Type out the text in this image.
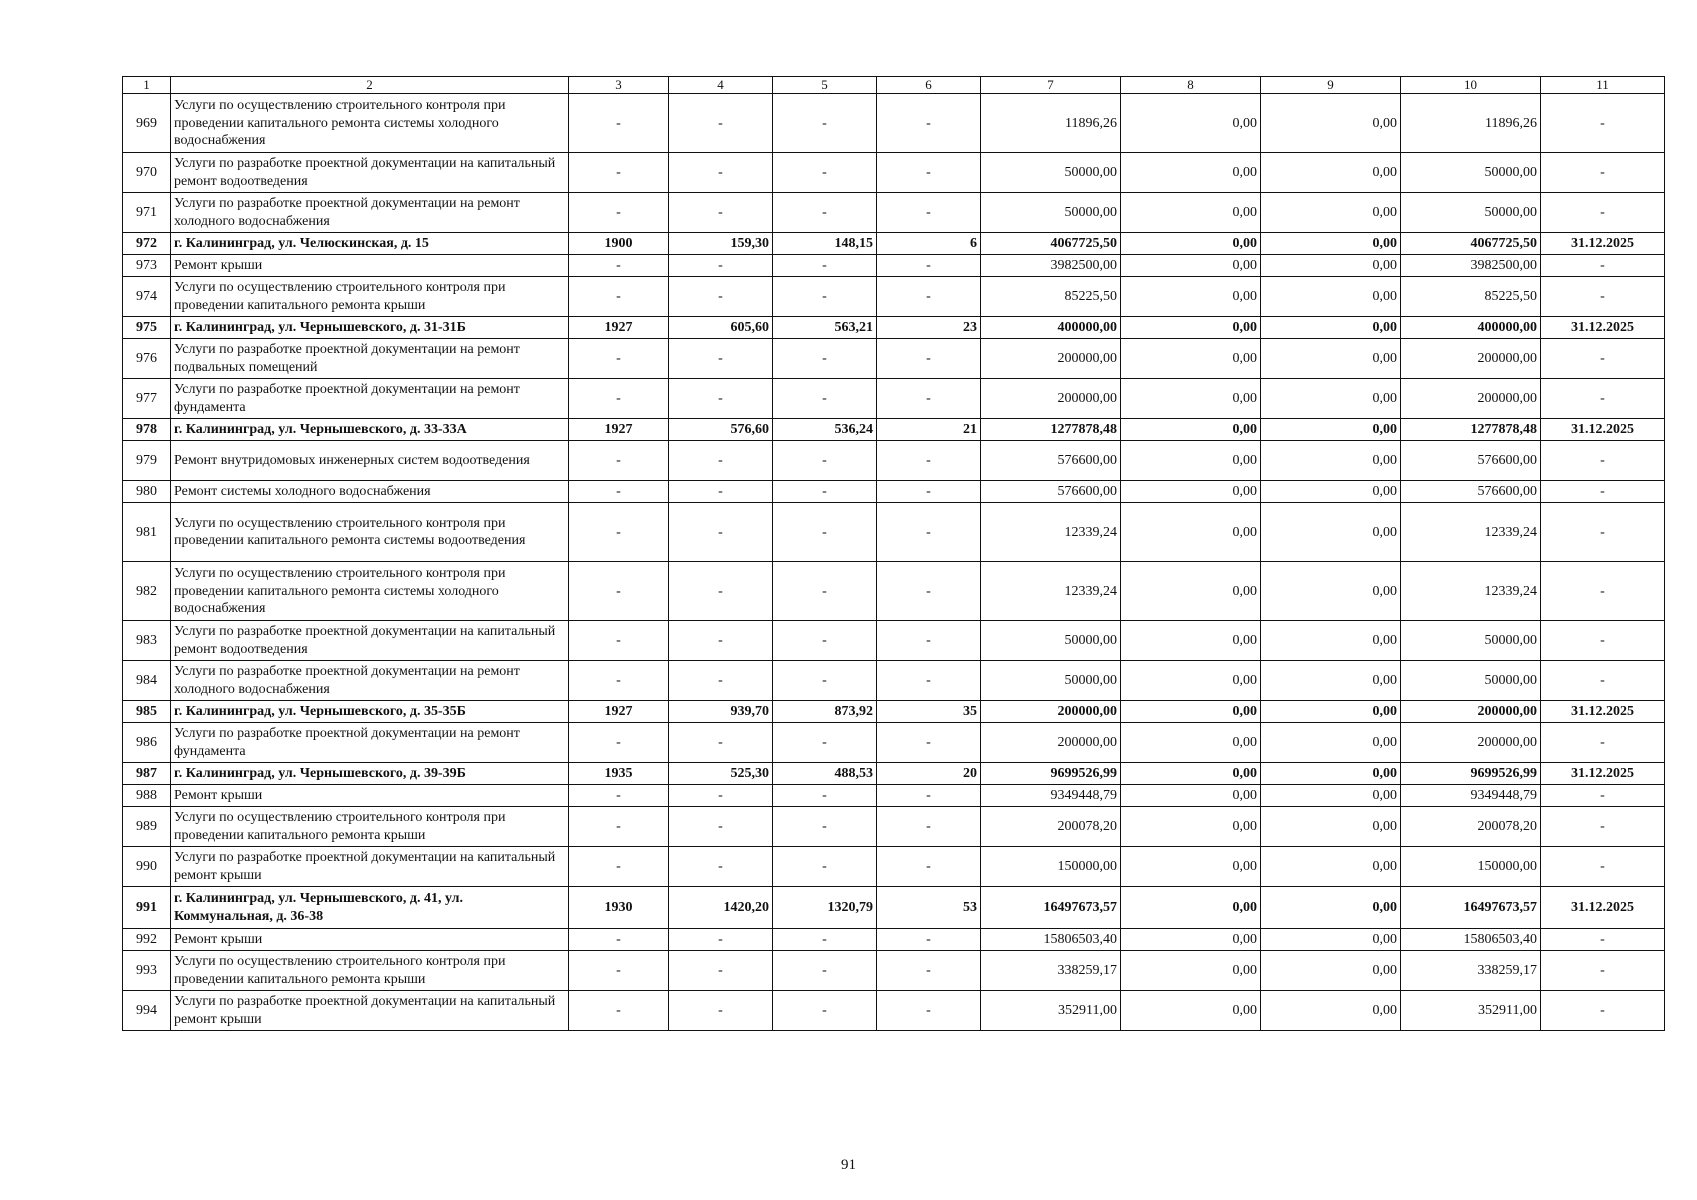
1	2	3	4	5	6	7	8	9	10	11
969	Услуги по осуществлению строительного контроля при проведении капитального ремонта системы холодного водоснабжения	-	-	-	-	11896,26	0,00	0,00	11896,26	-
970	Услуги по разработке проектной документации на капитальный ремонт водоотведения	-	-	-	-	50000,00	0,00	0,00	50000,00	-
971	Услуги по разработке проектной документации на ремонт холодного водоснабжения	-	-	-	-	50000,00	0,00	0,00	50000,00	-
972	г. Калининград, ул. Челюскинская, д. 15	1900	159,30	148,15	6	4067725,50	0,00	0,00	4067725,50	31.12.2025
973	Ремонт крыши	-	-	-	-	3982500,00	0,00	0,00	3982500,00	-
974	Услуги по осуществлению строительного контроля при проведении капитального ремонта крыши	-	-	-	-	85225,50	0,00	0,00	85225,50	-
975	г. Калининград, ул. Чернышевского, д. 31-31Б	1927	605,60	563,21	23	400000,00	0,00	0,00	400000,00	31.12.2025
976	Услуги по разработке проектной документации на ремонт подвальных помещений	-	-	-	-	200000,00	0,00	0,00	200000,00	-
977	Услуги по разработке проектной документации на ремонт фундамента	-	-	-	-	200000,00	0,00	0,00	200000,00	-
978	г. Калининград, ул. Чернышевского, д. 33-33А	1927	576,60	536,24	21	1277878,48	0,00	0,00	1277878,48	31.12.2025
979	Ремонт внутридомовых инженерных систем водоотведения	-	-	-	-	576600,00	0,00	0,00	576600,00	-
980	Ремонт системы холодного водоснабжения	-	-	-	-	576600,00	0,00	0,00	576600,00	-
981	Услуги по осуществлению строительного контроля при проведении капитального ремонта системы водоотведения	-	-	-	-	12339,24	0,00	0,00	12339,24	-
982	Услуги по осуществлению строительного контроля при проведении капитального ремонта системы холодного водоснабжения	-	-	-	-	12339,24	0,00	0,00	12339,24	-
983	Услуги по разработке проектной документации на капитальный ремонт водоотведения	-	-	-	-	50000,00	0,00	0,00	50000,00	-
984	Услуги по разработке проектной документации на ремонт холодного водоснабжения	-	-	-	-	50000,00	0,00	0,00	50000,00	-
985	г. Калининград, ул. Чернышевского, д. 35-35Б	1927	939,70	873,92	35	200000,00	0,00	0,00	200000,00	31.12.2025
986	Услуги по разработке проектной документации на ремонт фундамента	-	-	-	-	200000,00	0,00	0,00	200000,00	-
987	г. Калининград, ул. Чернышевского, д. 39-39Б	1935	525,30	488,53	20	9699526,99	0,00	0,00	9699526,99	31.12.2025
988	Ремонт крыши	-	-	-	-	9349448,79	0,00	0,00	9349448,79	-
989	Услуги по осуществлению строительного контроля при проведении капитального ремонта крыши	-	-	-	-	200078,20	0,00	0,00	200078,20	-
990	Услуги по разработке проектной документации на капитальный ремонт крыши	-	-	-	-	150000,00	0,00	0,00	150000,00	-
991	г. Калининград, ул. Чернышевского, д. 41, ул. Коммунальная, д. 36-38	1930	1420,20	1320,79	53	16497673,57	0,00	0,00	16497673,57	31.12.2025
992	Ремонт крыши	-	-	-	-	15806503,40	0,00	0,00	15806503,40	-
993	Услуги по осуществлению строительного контроля при проведении капитального ремонта крыши	-	-	-	-	338259,17	0,00	0,00	338259,17	-
994	Услуги по разработке проектной документации на капитальный ремонт крыши	-	-	-	-	352911,00	0,00	0,00	352911,00	-
91
